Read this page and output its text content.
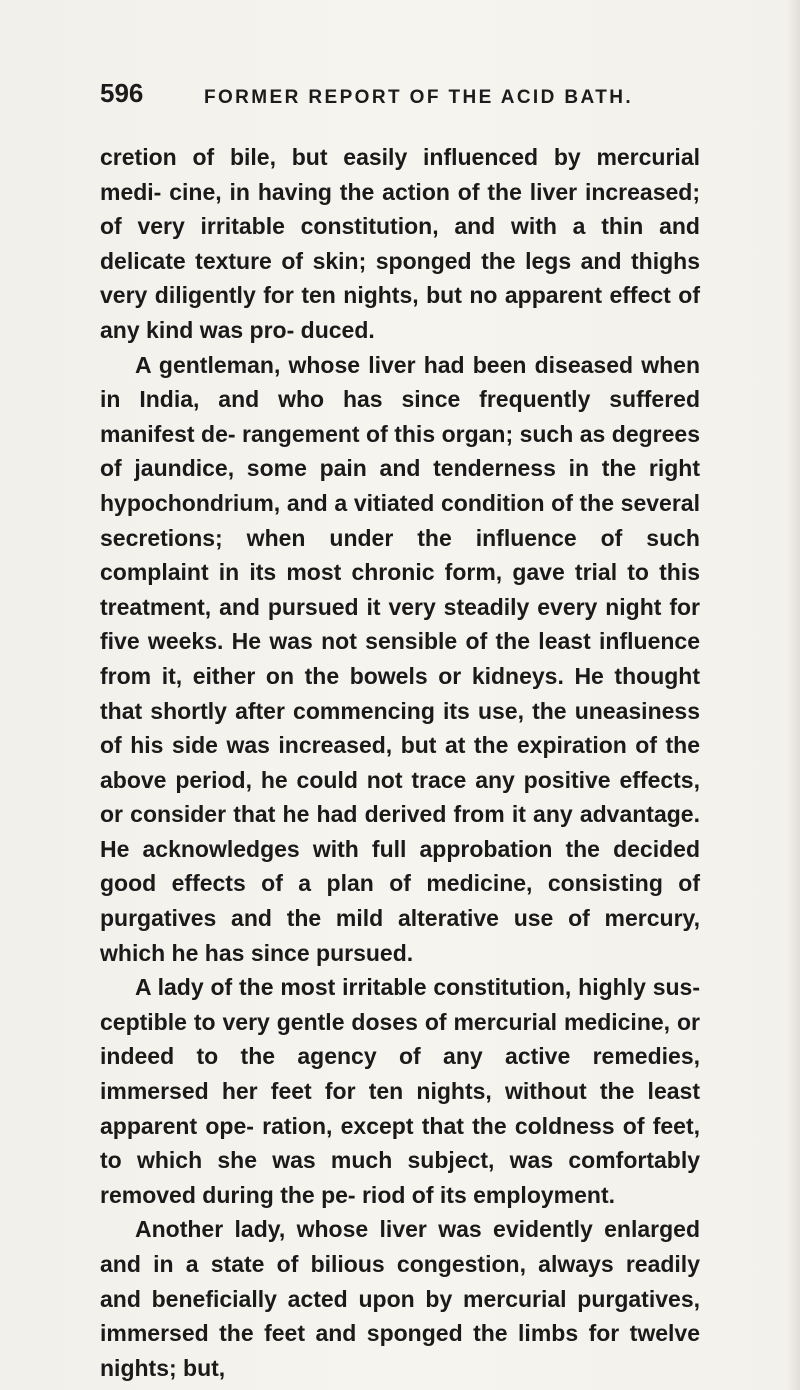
596	FORMER REPORT OF THE ACID BATH.

cretion of bile, but easily influenced by mercurial medi- cine, in having the action of the liver increased; of very irritable constitution, and with a thin and delicate texture of skin; sponged the legs and thighs very diligently for ten nights, but no apparent effect of any kind was pro- duced.

A gentleman, whose liver had been diseased when in India, and who has since frequently suffered manifest de- rangement of this organ; such as degrees of jaundice, some pain and tenderness in the right hypochondrium, and a vitiated condition of the several secretions; when under the influence of such complaint in its most chronic form, gave trial to this treatment, and pursued it very steadily every night for five weeks. He was not sensible of the least influence from it, either on the bowels or kidneys. He thought that shortly after commencing its use, the uneasiness of his side was increased, but at the expiration of the above period, he could not trace any positive effects, or consider that he had derived from it any advantage. He acknowledges with full approbation the decided good effects of a plan of medicine, consisting of purgatives and the mild alterative use of mercury, which he has since pursued.

A lady of the most irritable constitution, highly sus- ceptible to very gentle doses of mercurial medicine, or indeed to the agency of any active remedies, immersed her feet for ten nights, without the least apparent ope- ration, except that the coldness of feet, to which she was much subject, was comfortably removed during the pe- riod of its employment.

Another lady, whose liver was evidently enlarged and in a state of bilious congestion, always readily and beneficially acted upon by mercurial purgatives, immersed the feet and sponged the limbs for twelve nights; but,
